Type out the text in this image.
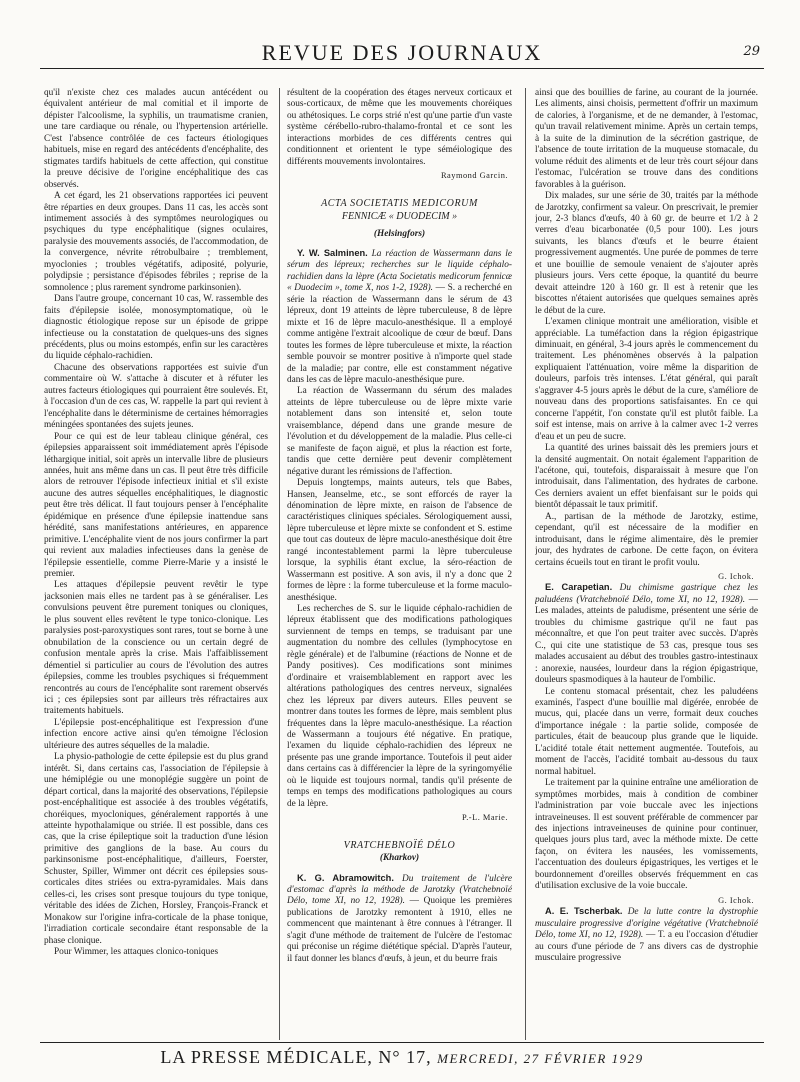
REVUE DES JOURNAUX	29

qu'il n'existe chez ces malades aucun antécédent ou équivalent antérieur de mal comitial et il importe de dépister l'alcoolisme, la syphilis, un traumatisme cranien, une tare cardiaque ou rénale, ou l'hypertension artérielle. C'est l'absence contrôlée de ces facteurs étiologiques habituels, mise en regard des antécédents d'encéphalite, des stigmates tardifs habituels de cette affection, qui constitue la preuve décisive de l'origine encéphalitique des cas observés.

A cet égard, les 21 observations rapportées ici peuvent être réparties en deux groupes. Dans 11 cas, les accès sont intimement associés à des symptômes neurologiques ou psychiques du type encéphalitique (signes oculaires, paralysie des mouvements associés, de l'accommodation, de la convergence, névrite rétrobulbaire ; tremblement, myoclonies ; troubles végétatifs, adiposité, polyurie, polydipsie ; persistance d'épisodes fébriles ; reprise de la somnolence ; plus rarement syndrome parkinsonien).

Dans l'autre groupe, concernant 10 cas, W. rassemble des faits d'épilepsie isolée, monosymptomatique, où le diagnostic étiologique repose sur un épisode de grippe infectieuse ou la constatation de quelques-uns des signes précédents, plus ou moins estompés, enfin sur les caractères du liquide céphalo-rachidien.

Chacune des observations rapportées est suivie d'un commentaire où W. s'attache à discuter et à réfuter les autres facteurs étiologiques qui pourraient être soulevés. Et, à l'occasion d'un de ces cas, W. rappelle la part qui revient à l'encéphalite dans le déterminisme de certaines hémorragies méningées spontanées des sujets jeunes.

Pour ce qui est de leur tableau clinique général, ces épilepsies apparaissent soit immédiatement après l'épisode léthargique initial, soit après un intervalle libre de plusieurs années, huit ans même dans un cas. Il peut être très difficile alors de retrouver l'épisode infectieux initial et s'il existe aucune des autres séquelles encéphalitiques, le diagnostic peut être très délicat. Il faut toujours penser à l'encéphalite épidémique en présence d'une épilepsie inattendue sans hérédité, sans manifestations antérieures, en apparence primitive. L'encéphalite vient de nos jours confirmer la part qui revient aux maladies infectieuses dans la genèse de l'épilepsie essentielle, comme Pierre-Marie y a insisté le premier.

Les attaques d'épilepsie peuvent revêtir le type jacksonien mais elles ne tardent pas à se généraliser. Les convulsions peuvent être purement toniques ou cloniques, le plus souvent elles revêtent le type tonico-clonique. Les paralysies post-paroxystiques sont rares, tout se borne à une obnubilation de la conscience ou un certain degré de confusion mentale après la crise. Mais l'affaiblissement démentiel si particulier au cours de l'évolution des autres épilepsies, comme les troubles psychiques si fréquemment rencontrés au cours de l'encéphalite sont rarement observés ici ; ces épilepsies sont par ailleurs très réfractaires aux traitements habituels.

L'épilepsie post-encéphalitique est l'expression d'une infection encore active ainsi qu'en témoigne l'éclosion ultérieure des autres séquelles de la maladie.

La physio-pathologie de cette épilepsie est du plus grand intérêt. Si, dans certains cas, l'association de l'épilepsie à une hémiplégie ou une monoplégie suggère un point de départ cortical, dans la majorité des observations, l'épilepsie post-encéphalitique est associée à des troubles végétatifs, choréiques, myocloniques, généralement rapportés à une atteinte hypothalamique ou striée. Il est possible, dans ces cas, que la crise épileptique soit la traduction d'une lésion primitive des ganglions de la base. Au cours du parkinsonisme post-encéphalitique, d'ailleurs, Foerster, Schuster, Spiller, Wimmer ont décrit ces épilepsies sous-corticales dites striées ou extra-pyramidales. Mais dans celles-ci, les crises sont presque toujours du type tonique, véritable des idées de Zichen, Horsley, François-Franck et Monakow sur l'origine infra-corticale de la phase tonique, l'irradiation corticale secondaire étant responsable de la phase clonique.

Pour Wimmer, les attaques clonico-toniques

résultent de la coopération des étages nerveux corticaux et sous-corticaux, de même que les mouvements choréiques ou athétosiques. Le corps strié n'est qu'une partie d'un vaste système cérébello-rubro-thalamo-frontal et ce sont les interactions morbides de ces différents centres qui conditionnent et orientent le type séméiologique des différents mouvements involontaires.

Raymond Garcin.
ACTA SOCIETATIS MEDICORUM
FENNICÆ « DUODECIM »
(Helsingfors)

Y. W. Salminen. La réaction de Wassermann dans le sérum des lépreux; recherches sur le liquide céphalo-rachidien dans la lèpre (Acta Societatis medicorum fennicæ « Duodecim », tome X, nos 1-2, 1928). — S. a recherché en série la réaction de Wassermann dans le sérum de 43 lépreux, dont 19 atteints de lèpre tuberculeuse, 8 de lèpre mixte et 16 de lèpre maculo-anesthésique. Il a employé comme antigène l'extrait alcoolique de cœur de bœuf. Dans toutes les formes de lèpre tuberculeuse et mixte, la réaction semble pouvoir se montrer positive à n'importe quel stade de la maladie; par contre, elle est constamment négative dans les cas de lèpre maculo-anesthésique pure.

La réaction de Wassermann du sérum des malades atteints de lèpre tuberculeuse ou de lèpre mixte varie notablement dans son intensité et, selon toute vraisemblance, dépend dans une grande mesure de l'évolution et du développement de la maladie. Plus celle-ci se manifeste de façon aiguë, et plus la réaction est forte, tandis que cette dernière peut devenir complètement négative durant les rémissions de l'affection.

Depuis longtemps, maints auteurs, tels que Babes, Hansen, Jeanselme, etc., se sont efforcés de rayer la dénomination de lèpre mixte, en raison de l'absence de caractéristiques cliniques spéciales. Sérologiquement aussi, lèpre tuberculeuse et lèpre mixte se confondent et S. estime que tout cas douteux de lèpre maculo-anesthésique doit être rangé incontestablement parmi la lèpre tuberculeuse lorsque, la syphilis étant exclue, la séro-réaction de Wassermann est positive. A son avis, il n'y a donc que 2 formes de lèpre : la forme tuberculeuse et la forme maculo-anesthésique.

Les recherches de S. sur le liquide céphalo-rachidien de lépreux établissent que des modifications pathologiques surviennent de temps en temps, se traduisant par une augmentation du nombre des cellules (lymphocytose en règle générale) et de l'albumine (réactions de Nonne et de Pandy positives). Ces modifications sont minimes d'ordinaire et vraisemblablement en rapport avec les altérations pathologiques des centres nerveux, signalées chez les lépreux par divers auteurs. Elles peuvent se montrer dans toutes les formes de lèpre, mais semblent plus fréquentes dans la lèpre maculo-anesthésique. La réaction de Wassermann a toujours été négative. En pratique, l'examen du liquide céphalo-rachidien des lépreux ne présente pas une grande importance. Toutefois il peut aider dans certains cas à différencier la lèpre de la syringomyélie où le liquide est toujours normal, tandis qu'il présente de temps en temps des modifications pathologiques au cours de la lèpre.

P.-L. Marie.
VRATCHEBNOÏÉ DÉLO
(Kharkov)

K. G. Abramowitch. Du traitement de l'ulcère d'estomac d'après la méthode de Jarotzky (Vratchebnoïé Délo, tome XI, no 12, 1928). — Quoique les premières publications de Jarotzky remontent à 1910, elles ne commencent que maintenant à être connues à l'étranger. Il s'agit d'une méthode de traitement de l'ulcère de l'estomac qui préconise un régime diététique spécial. D'après l'auteur, il faut donner les blancs d'œufs, à jeun, et du beurre frais

ainsi que des bouillies de farine, au courant de la journée. Les aliments, ainsi choisis, permettent d'offrir un maximum de calories, à l'organisme, et de ne demander, à l'estomac, qu'un travail relativement minime. Après un certain temps, à la suite de la diminution de la sécrétion gastrique, de l'absence de toute irritation de la muqueuse stomacale, du volume réduit des aliments et de leur très court séjour dans l'estomac, l'ulcération se trouve dans des conditions favorables à la guérison.

Dix malades, sur une série de 30, traités par la méthode de Jarotzky, confirment sa valeur. On prescrivait, le premier jour, 2-3 blancs d'œufs, 40 à 60 gr. de beurre et 1/2 à 2 verres d'eau bicarbonatée (0,5 pour 100). Les jours suivants, les blancs d'œufs et le beurre étaient progressivement augmentés. Une purée de pommes de terre et une bouillie de semoule venaient de s'ajouter après plusieurs jours. Vers cette époque, la quantité du beurre devait atteindre 120 à 160 gr. Il est à retenir que les biscottes n'étaient autorisées que quelques semaines après le début de la cure.

L'examen clinique montrait une amélioration, visible et appréciable. La tuméfaction dans la région épigastrique diminuait, en général, 3-4 jours après le commencement du traitement. Les phénomènes observés à la palpation expliquaient l'atténuation, voire même la disparition de douleurs, parfois très intenses. L'état général, qui paraît s'aggraver 4-5 jours après le début de la cure, s'améliore de nouveau dans des proportions satisfaisantes. En ce qui concerne l'appétit, l'on constate qu'il est plutôt faible. La soif est intense, mais on arrive à la calmer avec 1-2 verres d'eau et un peu de sucre.

La quantité des urines baissait dès les premiers jours et la densité augmentait. On notait également l'apparition de l'acétone, qui, toutefois, disparaissait à mesure que l'on introduisait, dans l'alimentation, des hydrates de carbone. Ces derniers avaient un effet bienfaisant sur le poids qui bientôt dépassait le taux primitif.

A., partisan de la méthode de Jarotzky, estime, cependant, qu'il est nécessaire de la modifier en introduisant, dans le régime alimentaire, dès le premier jour, des hydrates de carbone. De cette façon, on évitera certains écueils tout en tirant le profit voulu.

G. Ichok.

E. Carapetian. Du chimisme gastrique chez les paludéens (Vratchebnoïé Délo, tome XI, no 12, 1928). — Les malades, atteints de paludisme, présentent une série de troubles du chimisme gastrique qu'il ne faut pas méconnaître, et que l'on peut traiter avec succès. D'après C., qui cite une statistique de 53 cas, presque tous ses malades accusaient au début des troubles gastro-intestinaux : anorexie, nausées, lourdeur dans la région épigastrique, douleurs spasmodiques à la hauteur de l'ombilic.

Le contenu stomacal présentait, chez les paludéens examinés, l'aspect d'une bouillie mal digérée, enrobée de mucus, qui, placée dans un verre, formait deux couches d'importance inégale : la partie solide, composée de particules, était de beaucoup plus grande que le liquide. L'acidité totale était nettement augmentée. Toutefois, au moment de l'accès, l'acidité tombait au-dessous du taux normal habituel.

Le traitement par la quinine entraîne une amélioration de symptômes morbides, mais à condition de combiner l'administration par voie buccale avec les injections intraveineuses. Il est souvent préférable de commencer par des injections intraveineuses de quinine pour continuer, quelques jours plus tard, avec la méthode mixte. De cette façon, on évitera les nausées, les vomissements, l'accentuation des douleurs épigastriques, les vertiges et le bourdonnement d'oreilles observés fréquemment en cas d'utilisation exclusive de la voie buccale.

G. Ichok.

A. E. Tscherbak. De la lutte contre la dystrophie musculaire progressive d'origine végétative (Vratchebnoïé Délo, tome XI, no 12, 1928). — T. a eu l'occasion d'étudier au cours d'une période de 7 ans divers cas de dystrophie musculaire progressive

LA PRESSE MÉDICALE, N° 17, MERCREDI, 27 FÉVRIER 1929
